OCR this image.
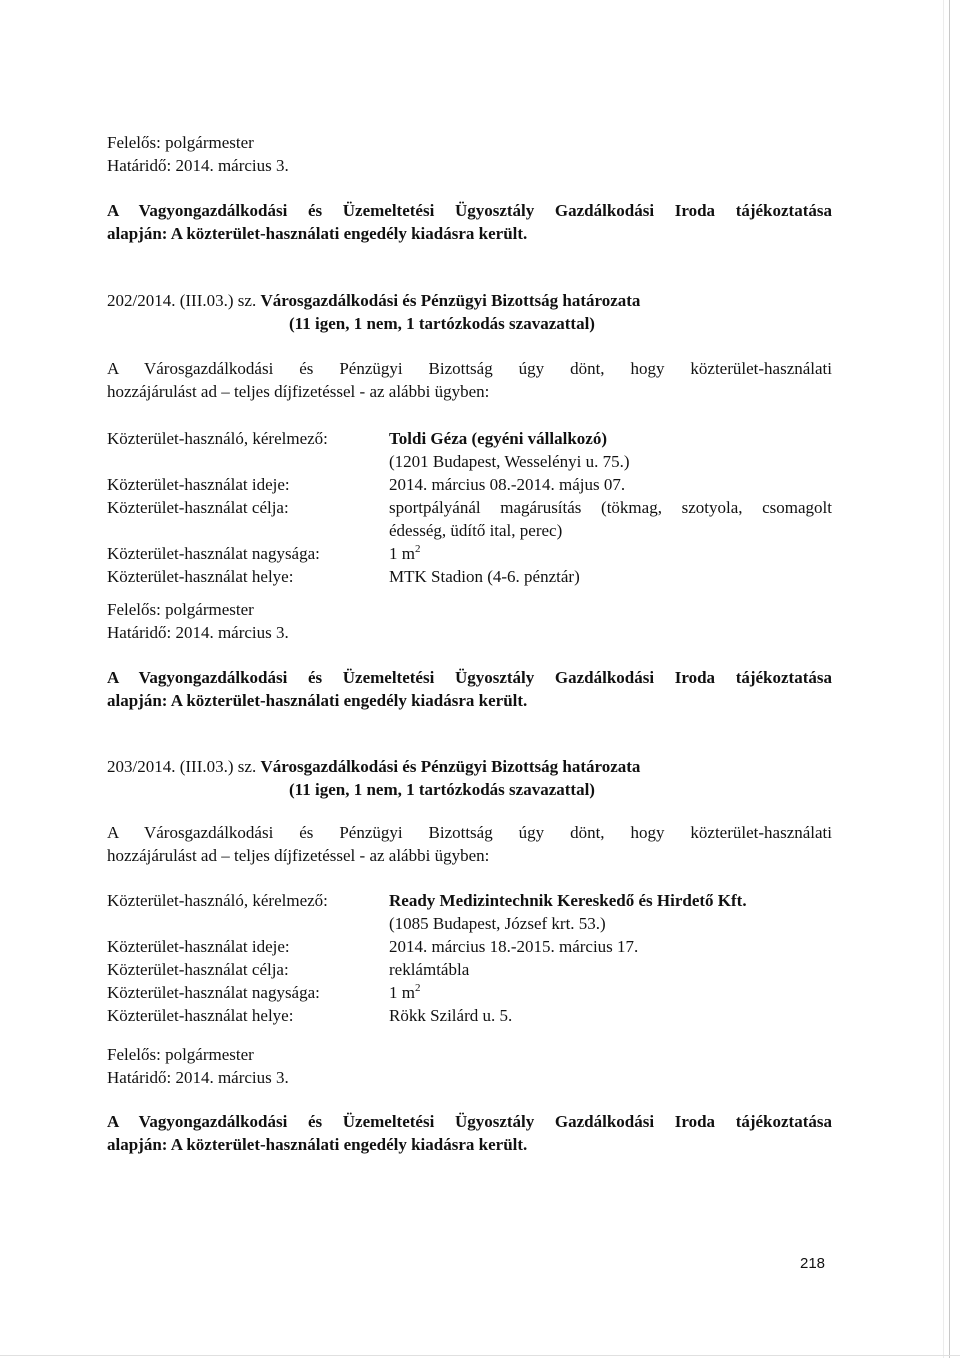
Felelős: polgármester
Határidő: 2014. március 3.
A Vagyongazdálkodási és Üzemeltetési Ügyosztály Gazdálkodási Iroda tájékoztatása
alapján: A közterület-használati engedély kiadásra került.
202/2014. (III.03.) sz. Városgazdálkodási és Pénzügyi Bizottság határozata
(11 igen, 1 nem, 1 tartózkodás szavazattal)
A Városgazdálkodási és Pénzügyi Bizottság úgy dönt, hogy közterület-használati
hozzájárulást ad – teljes díjfizetéssel - az alábbi ügyben:
Közterület-használó, kérelmező:	Toldi Géza (egyéni vállalkozó)
(1201 Budapest, Wesselényi u. 75.)
Közterület-használat ideje:	2014. március 08.-2014. május 07.
Közterület-használat célja:	sportpályánál magárusítás (tökmag, szotyola, csomagolt
édesség, üdítő ital, perec)
Közterület-használat nagysága:	1 $m^2$
Közterület-használat helye:	MTK Stadion (4-6. pénztár)
Felelős: polgármester
Határidő: 2014. március 3.
A Vagyongazdálkodási és Üzemeltetési Ügyosztály Gazdálkodási Iroda tájékoztatása
alapján: A közterület-használati engedély kiadásra került.
203/2014. (III.03.) sz. Városgazdálkodási és Pénzügyi Bizottság határozata
(11 igen, 1 nem, 1 tartózkodás szavazattal)
A Városgazdálkodási és Pénzügyi Bizottság úgy dönt, hogy közterület-használati
hozzájárulást ad – teljes díjfizetéssel - az alábbi ügyben:
Közterület-használó, kérelmező:	Ready Medizintechnik Kereskedő és Hirdető Kft.
(1085 Budapest, József krt. 53.)
Közterület-használat ideje:	2014. március 18.-2015. március 17.
Közterület-használat célja:	reklámtábla
Közterület-használat nagysága:	1 $m^2$
Közterület-használat helye:	Rökk Szilárd u. 5.
Felelős: polgármester
Határidő: 2014. március 3.
A Vagyongazdálkodási és Üzemeltetési Ügyosztály Gazdálkodási Iroda tájékoztatása
alapján: A közterület-használati engedély kiadásra került.
218
